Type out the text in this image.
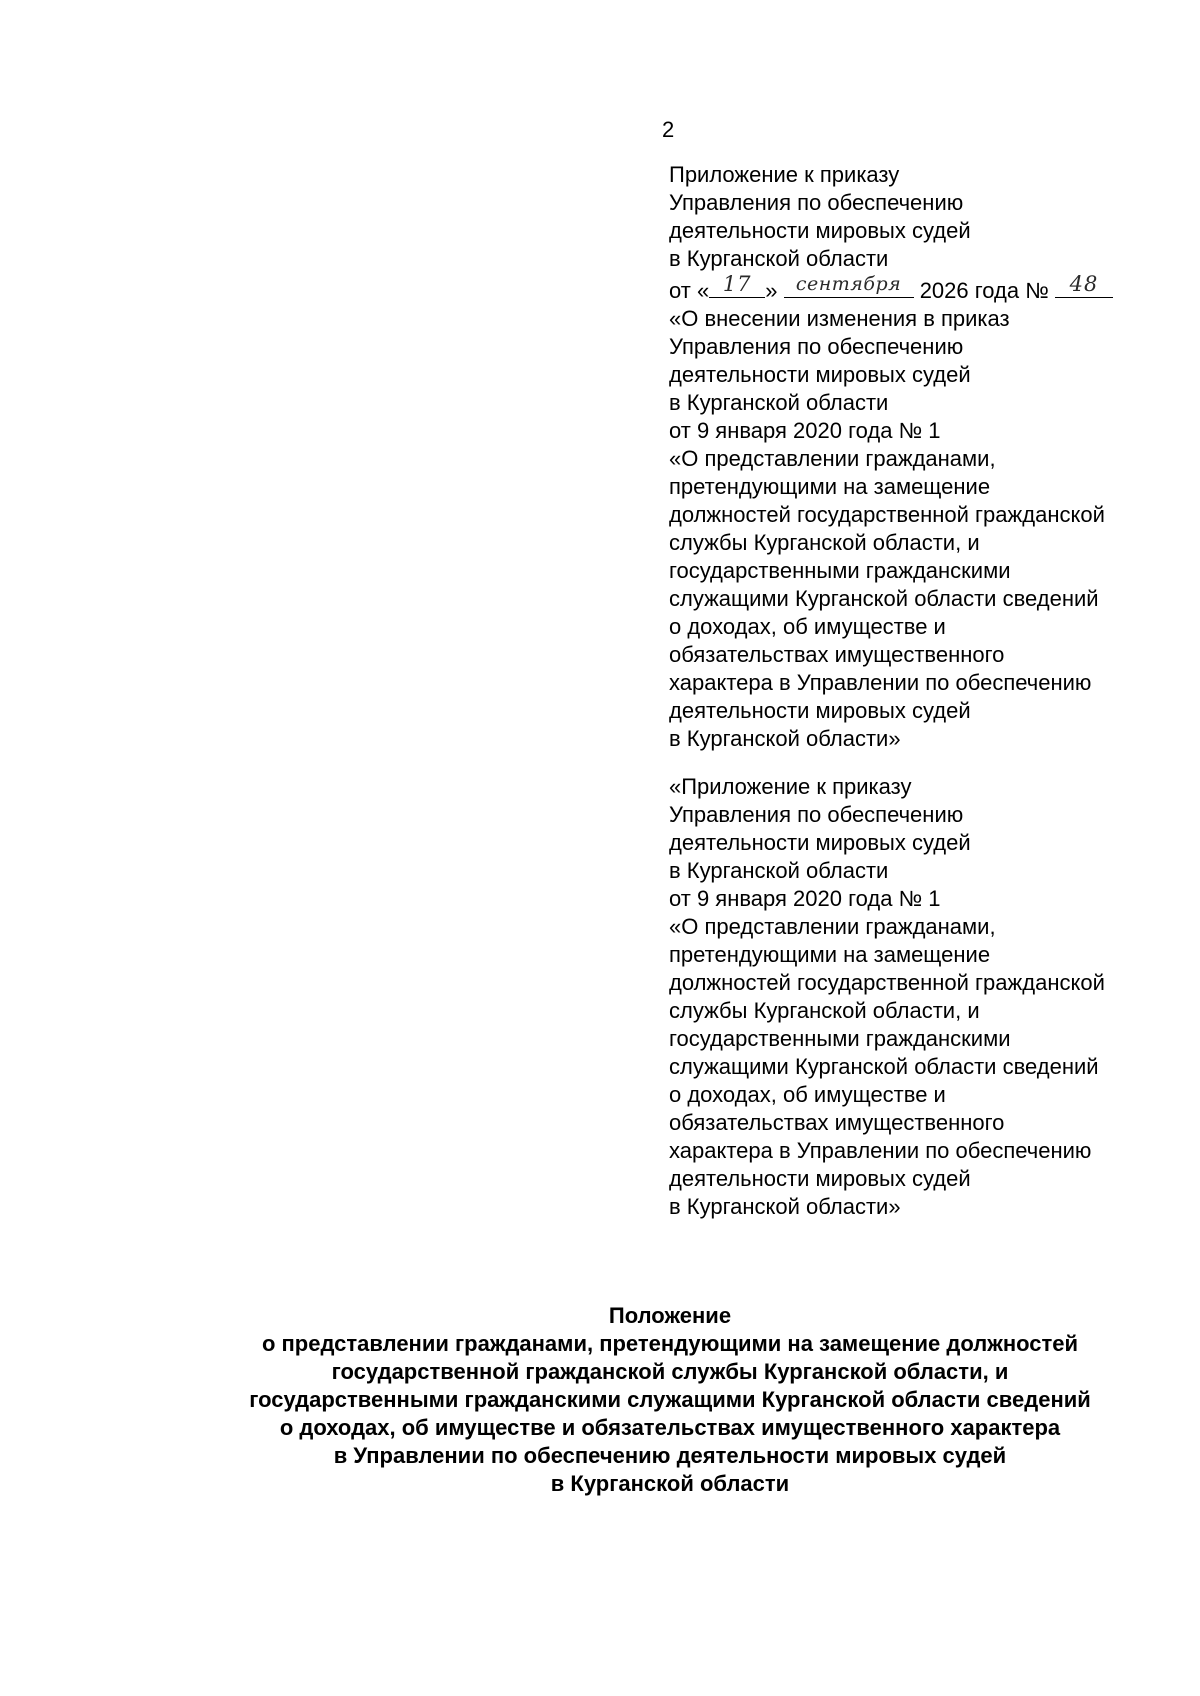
2
Приложение к приказу
Управления по обеспечению
деятельности мировых судей
в Курганской области
от « 17 » сентября 2026 года № 48
«О внесении изменения в приказ
Управления по обеспечению
деятельности мировых судей
в Курганской области
от 9 января 2020 года № 1
«О представлении гражданами,
претендующими на замещение
должностей государственной гражданской
службы Курганской области, и
государственными гражданскими
служащими Курганской области сведений
о доходах, об имуществе и
обязательствах имущественного
характера в Управлении по обеспечению
деятельности мировых судей
в Курганской области»
«Приложение к приказу
Управления по обеспечению
деятельности мировых судей
в Курганской области
от 9 января 2020 года № 1
«О представлении гражданами,
претендующими на замещение
должностей государственной гражданской
службы Курганской области, и
государственными гражданскими
служащими Курганской области сведений
о доходах, об имуществе и
обязательствах имущественного
характера в Управлении по обеспечению
деятельности мировых судей
в Курганской области»
Положение
о представлении гражданами, претендующими на замещение должностей
государственной гражданской службы Курганской области, и
государственными гражданскими служащими Курганской области сведений
о доходах, об имуществе и обязательствах имущественного характера
в Управлении по обеспечению деятельности мировых судей
в Курганской области
